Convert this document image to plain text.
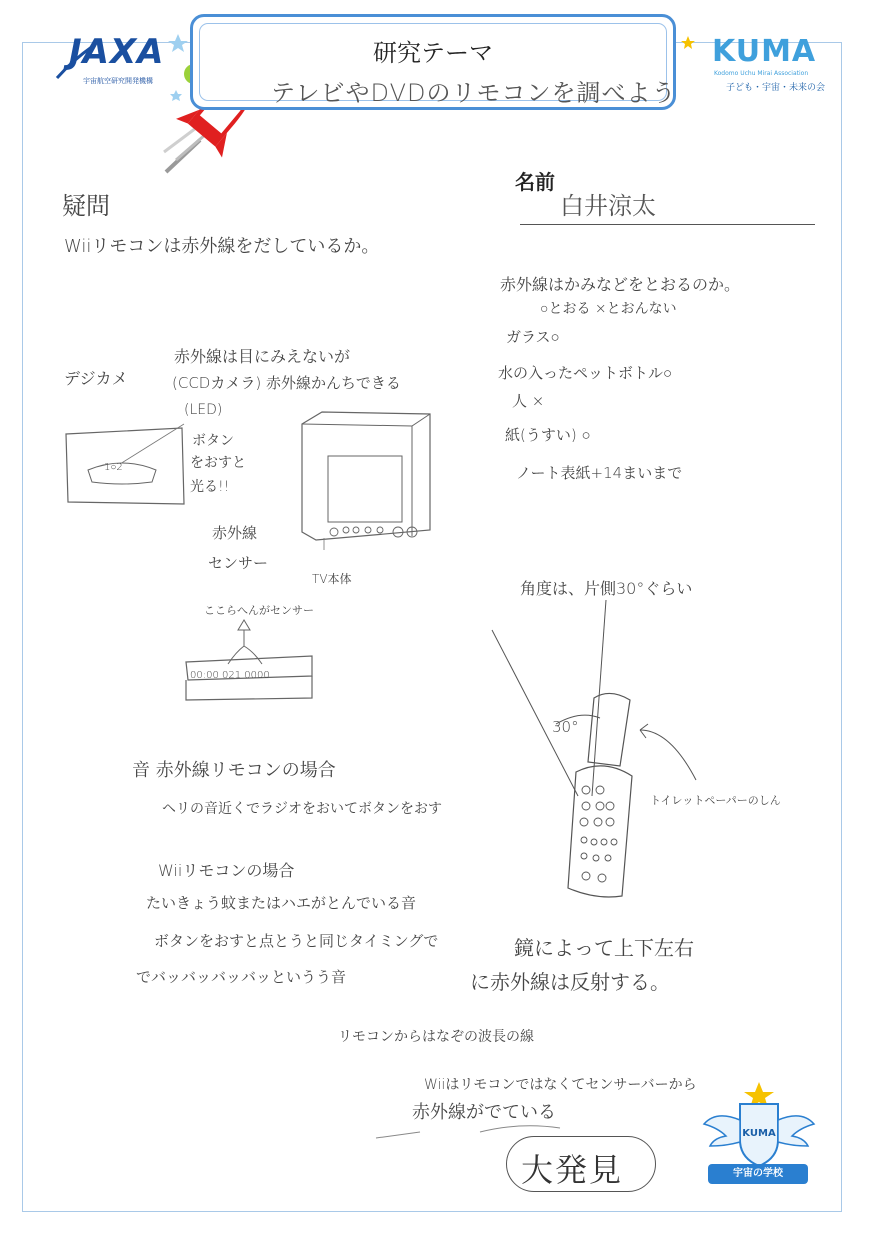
JAXA
宇宙航空研究開発機構
研究テーマ
テレビやDVDのリモコンを調べよう
KUMA
Kodomo Uchu Mirai Association
子ども・宇宙・未来の会
名前
白井涼太
疑問
Wiiリモコンは赤外線をだしているか。
赤外線はかみなどをとおるのか。
○とおる ×とおんない
ガラス○
水の入ったペットボトル○
人 ×
紙(うすい) ○
ノート表紙+14まいまで
デジカメ
赤外線は目にみえないが
(CCDカメラ) 赤外線かんちできる
1○2
(LED)
ボタン
をおすと
光る!!
赤外線
センサー
TV本体
ここらへんがセンサー
00:00 021 0000
角度は、片側30°ぐらい
30°
トイレットペーパーのしん
音 赤外線リモコンの場合
ヘリの音近くでラジオをおいてボタンをおす
Wiiリモコンの場合
たいきょう蚊またはハエがとんでいる音
ボタンをおすと点とうと同じタイミングで
でバッバッバッバッというう音
鏡によって上下左右
に赤外線は反射する。
リモコンからはなぞの波長の線
Wiiはリモコンではなくてセンサーバーから
赤外線がでている
大発見
KUMA
宇宙の学校
